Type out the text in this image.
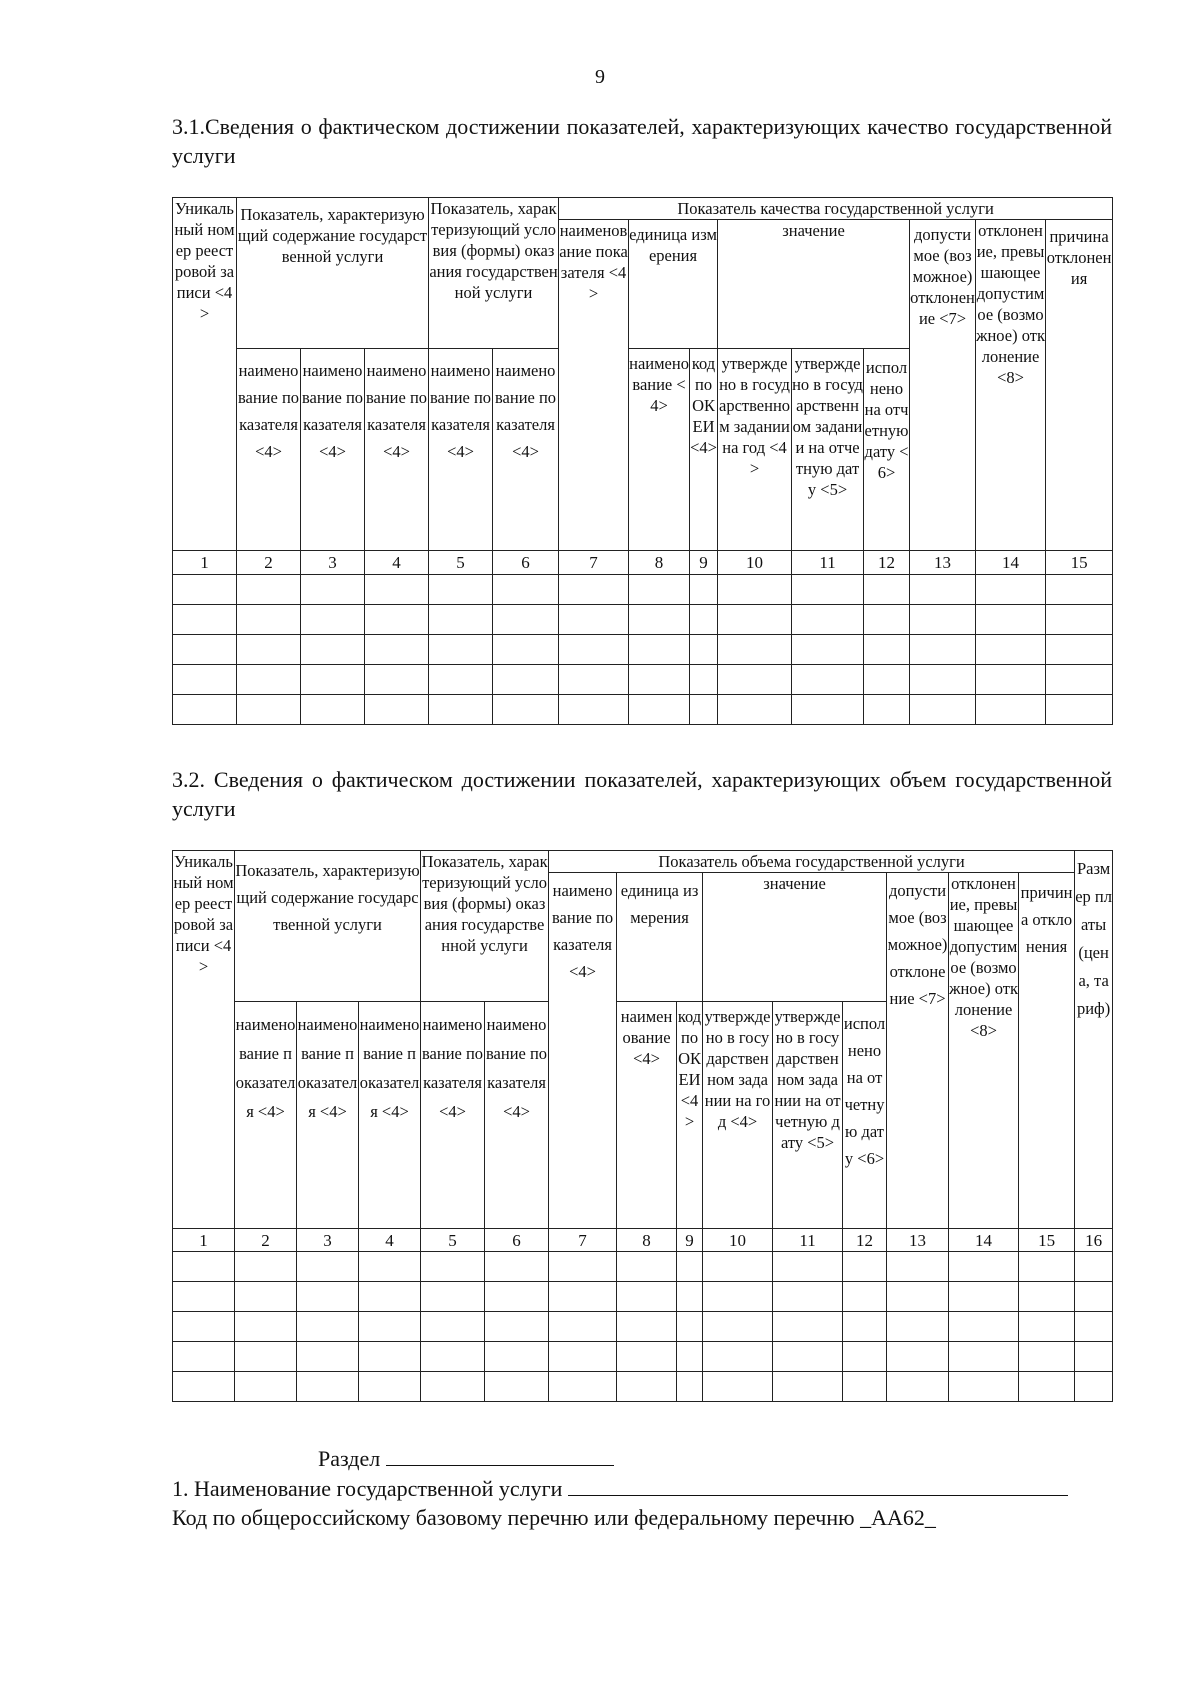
9
3.1.Сведения о фактическом достижении показателей, характеризующих качество государственной услуги
Уникальный номер реестровой записи <4>	Показатель, характеризующий содержание государственной услуги			Показатель, характеризующий условия (формы) оказания государственной услуги		Показатель качества государственной услуги								
						наименование показателя <4>	единица измерения		значение			допустимое (возможное) отклонение <7>	отклонение, превышающее допустимое (возможное) отклонение <8>	причина отклонения
	наименование показателя <4>	наименование показателя <4>	наименование показателя <4>	наименование показателя <4>	наименование показателя <4>		наименование <4>	код по ОКЕИ <4>	утверждено в государственном задании на год <4>	утверждено в государственном задании на отчетную дату <5>	исполнено на отчетную дату <6>			
1	2	3	4	5	6	7	8	9	10	11	12	13	14	15

3.2. Сведения о фактическом достижении показателей, характеризующих объем государственной услуги
Уникальный номер реестровой записи <4>	Показатель, характеризующий содержание государственной услуги			Показатель, характеризующий условия (формы) оказания государственной услуги		Показатель объема государственной услуги									Размер платы (цена, тариф)
						наименование показателя <4>	единица измерения		значение			допустимое (возможное) отклонение <7>	отклонение, превышающее допустимое (возможное) отклонение <8>	причина отклонения	
	наименование показателя <4>	наименование показателя <4>	наименование показателя <4>	наименование показателя <4>	наименование показателя <4>		наименование <4>	код по ОКЕИ <4>	утверждено в государственном задании на год <4>	утверждено в государственном задании на отчетную дату <5>	исполнено на отчетную дату <6>				
1	2	3	4	5	6	7	8	9	10	11	12	13	14	15	16

Раздел
1. Наименование государственной услуги
Код по общероссийскому базовому перечню или федеральному перечню _АА62_
